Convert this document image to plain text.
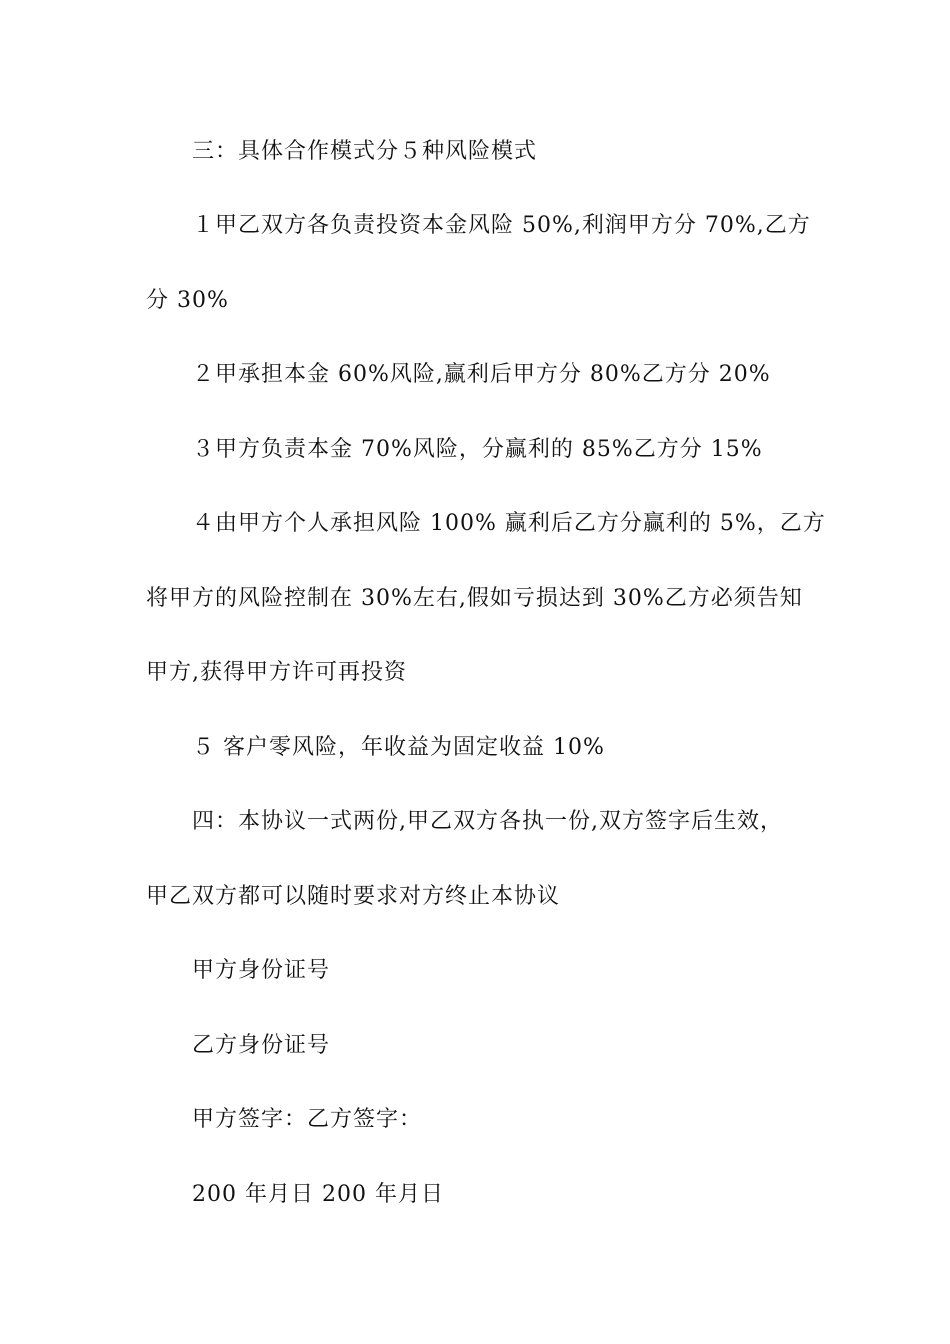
三：具体合作模式分５种风险模式
１甲乙双方各负责投资本金风险 50%,利润甲方分 70%,乙方
分 30%
２甲承担本金 60%风险,赢利后甲方分 80%乙方分 20%
３甲方负责本金 70%风险，分赢利的 85%乙方分 15%
４由甲方个人承担风险 100% 赢利后乙方分赢利的 5%，乙方
将甲方的风险控制在 30%左右,假如亏损达到 30%乙方必须告知
甲方,获得甲方许可再投资
５ 客户零风险，年收益为固定收益 10%
四：本协议一式两份,甲乙双方各执一份,双方签字后生效，
甲乙双方都可以随时要求对方终止本协议
甲方身份证号
乙方身份证号
甲方签字：乙方签字：
200 年月日 200 年月日
